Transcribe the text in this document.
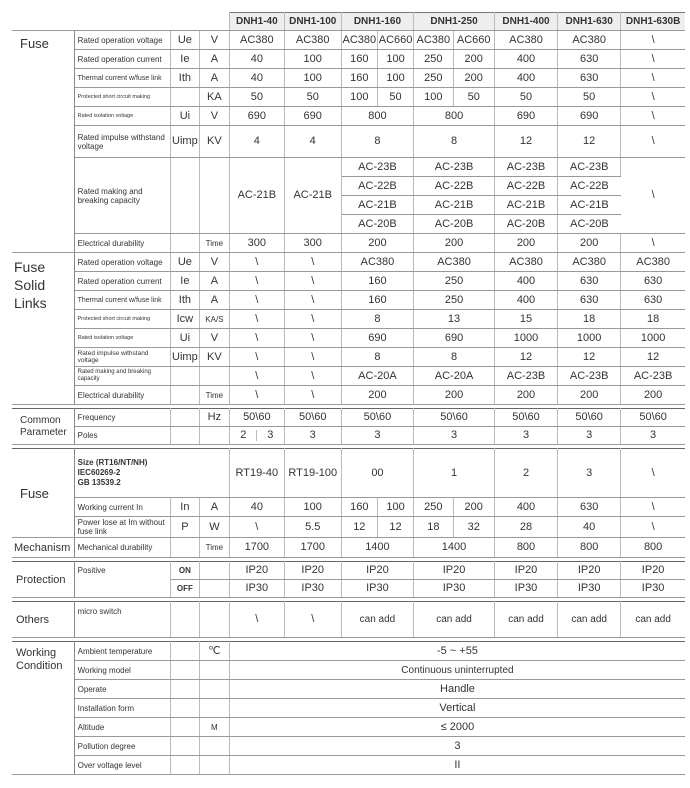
				DNH1-40	DNH1-100	DNH1-160		DNH1-250		DNH1-400	DNH1-630	DNH1-630B
Fuse	Rated operation voltage	Ue	V	AC380	AC380	AC380	AC660	AC380	AC660	AC380	AC380	\
	Rated operation current	Ie	A	40	100	160	100	250	200	400	630	\
	Thermal current w/fuse link	Ith	A	40	100	160	100	250	200	400	630	\
	Protected short circuit making		KA	50	50	100	50	100	50	50	50	\
	Rated isolation voltage	Ui	V	690	690	800		800		690	690	\
	Rated impulse withstand voltage	Uimp	KV	4	4	8		8		12	12	\
	Rated making and breaking capacity			AC-21B	AC-21B	AC-23B		AC-23B		AC-23B	AC-23B	\
						AC-22B		AC-22B		AC-22B	AC-22B	
						AC-21B		AC-21B		AC-21B	AC-21B	
						AC-20B		AC-20B		AC-20B	AC-20B	
	Electrical durability		Time	300	300	200		200		200	200	\
Fuse Solid Links	Rated operation voltage	Ue	V	\	\	AC380		AC380		AC380	AC380	AC380
	Rated operation current	Ie	A	\	\	160		250		400	630	630
	Thermal current w/fuse link	Ith	A	\	\	160		250		400	630	630
	Protected short circuit making	Icw	KA/S	\	\	8		13		15	18	18
	Rated isolation voltage	Ui	V	\	\	690		690		1000	1000	1000
	Rated impulse withstand voltage	Uimp	KV	\	\	8		8		12	12	12
	Rated making and breaking capacity			\	\	AC-20A		AC-20A		AC-23B	AC-23B	AC-23B
	Electrical durability		Time	\	\	200		200		200	200	200

Common Parameter	Frequency		Hz	50\60	50\60	50\60		50\60		50\60	50\60	50\60
	Poles			2 3	3	3		3		3	3	3

Fuse	Size (RT16/NT/NH)
IEC60269-2
GB 13539.2			RT19-40	RT19-100	00		1		2	3	\
	Working current In	In	A	40	100	160	100	250	200	400	630	\
	Power lose at Im without fuse link	P	W	\	5.5	12	12	18	32	28	40	\
Mechanism	Mechanical durability		Time	1700	1700	1400		1400		800	800	800

Protection	Positive	ON		IP20	IP20	IP20		IP20		IP20	IP20	IP20
		OFF		IP30	IP30	IP30		IP30		IP30	IP30	IP30

Others	micro switch			\	\	can add		can add		can add	can add	can add

Working Condition	Ambient temperature		℃	-5 ~ +55								
	Working model			Continuous uninterrupted								
	Operate			Handle								
	Installation form			Vertical								
	Altitude		M	≤ 2000								
	Pollution degree			3								
	Over voltage level			II								
